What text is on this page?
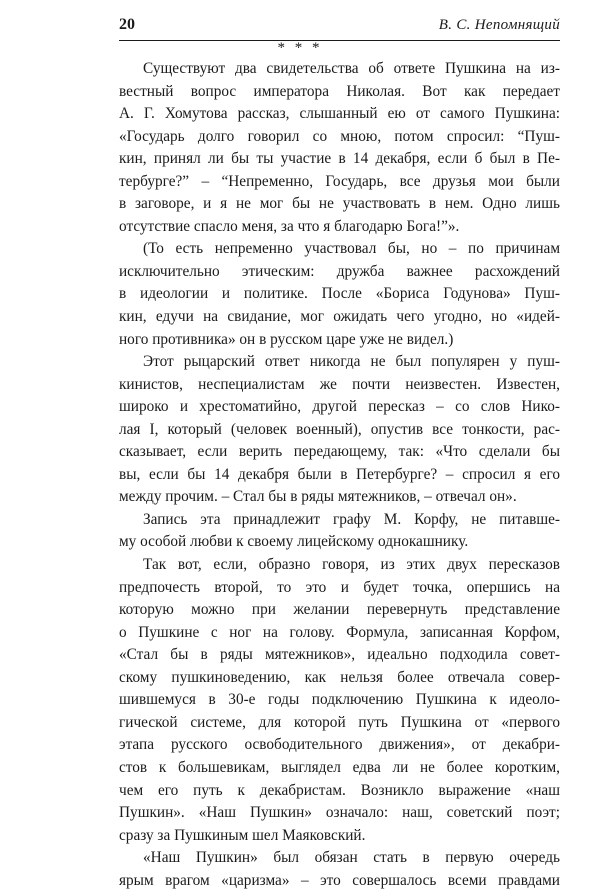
20	В. С. Непомнящий
* * *
Существуют два свидетельства об ответе Пушкина на из-
вестный вопрос императора Николая. Вот как передает
А. Г. Хомутова рассказ, слышанный ею от самого Пушкина:
«Государь долго говорил со мною, потом спросил: “Пуш-
кин, принял ли бы ты участие в 14 декабря, если б был в Пе-
тербурге?” – “Непременно, Государь, все друзья мои были
в заговоре, и я не мог бы не участвовать в нем. Одно лишь
отсутствие спасло меня, за что я благодарю Бога!”».
(То есть непременно участвовал бы, но – по причинам
исключительно этическим: дружба важнее расхождений
в идеологии и политике. После «Бориса Годунова» Пуш-
кин, едучи на свидание, мог ожидать чего угодно, но «идей-
ного противника» он в русском царе уже не видел.)
Этот рыцарский ответ никогда не был популярен у пуш-
кинистов, неспециалистам же почти неизвестен. Известен,
широко и хрестоматийно, другой пересказ – со слов Нико-
лая I, который (человек военный), опустив все тонкости, рас-
сказывает, если верить передающему, так: «Что сделали бы
вы, если бы 14 декабря были в Петербурге? – спросил я его
между прочим. – Стал бы в ряды мятежников, – отвечал он».
Запись эта принадлежит графу М. Корфу, не питавше-
му особой любви к своему лицейскому однокашнику.
Так вот, если, образно говоря, из этих двух пересказов
предпочесть второй, то это и будет точка, опершись на
которую можно при желании перевернуть представление
о Пушкине с ног на голову. Формула, записанная Корфом,
«Стал бы в ряды мятежников», идеально подходила совет-
скому пушкиноведению, как нельзя более отвечала совер-
шившемуся в 30-е годы подключению Пушкина к идеоло-
гической системе, для которой путь Пушкина от «первого
этапа русского освободительного движения», от декабри-
стов к большевикам, выглядел едва ли не более коротким,
чем его путь к декабристам. Возникло выражение «наш
Пушкин». «Наш Пушкин» означало: наш, советский поэт;
сразу за Пушкиным шел Маяковский.
«Наш Пушкин» был обязан стать в первую очередь
ярым врагом «царизма» – это совершалось всеми правдами
